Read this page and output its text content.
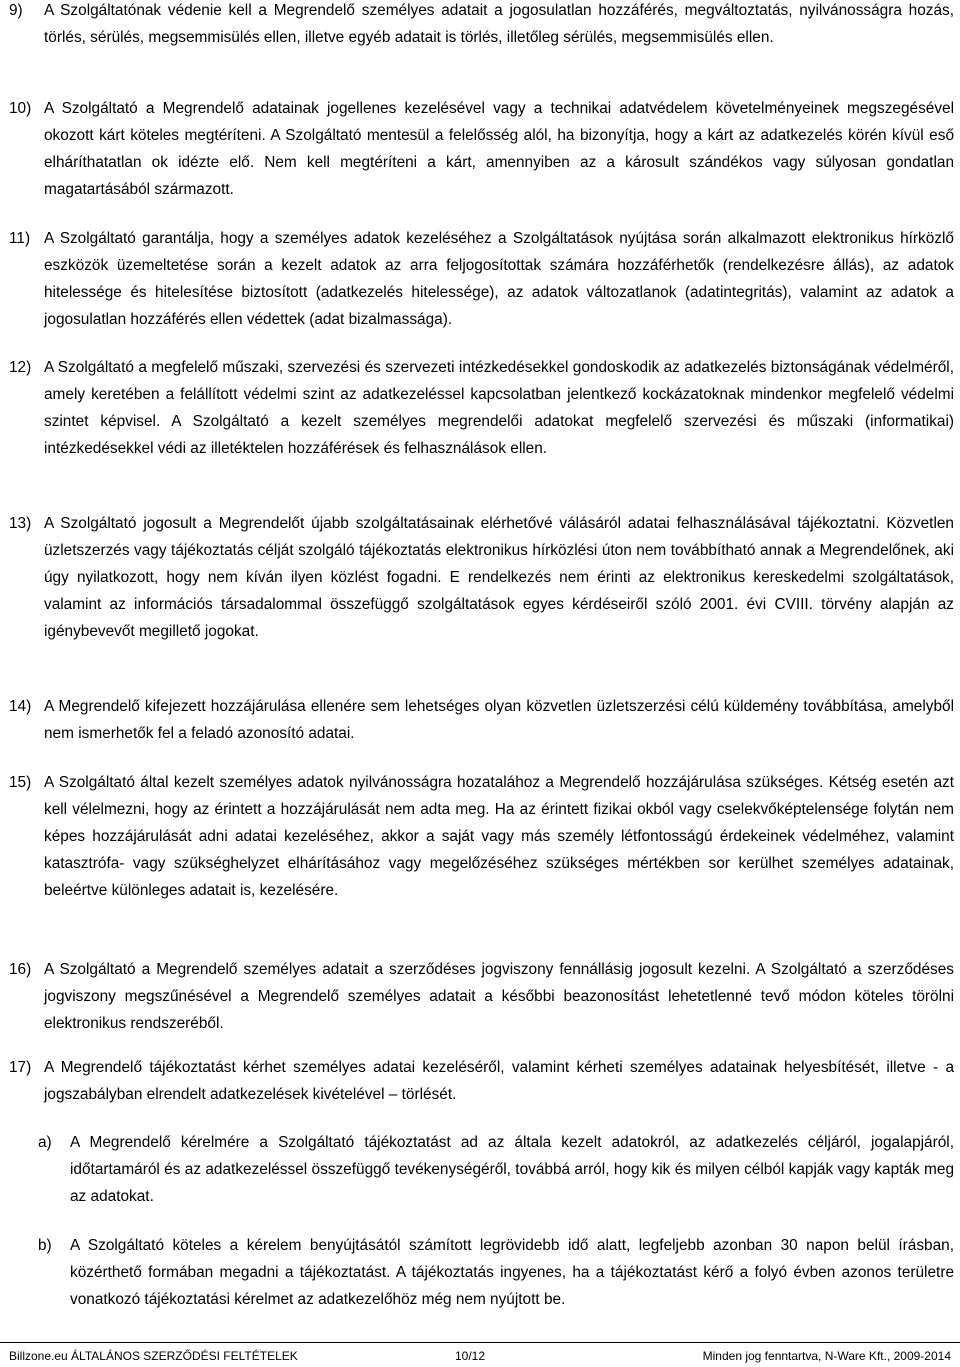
9)	A Szolgáltatónak védenie kell a Megrendelő személyes adatait a jogosulatlan hozzáférés, megváltoztatás, nyilvánosságra hozás, törlés, sérülés, megsemmisülés ellen, illetve egyéb adatait is törlés, illetőleg sérülés, megsemmisülés ellen.
10) A Szolgáltató a Megrendelő adatainak jogellenes kezelésével vagy a technikai adatvédelem követelményeinek megszegésével okozott kárt köteles megtéríteni. A Szolgáltató mentesül a felelősség alól, ha bizonyítja, hogy a kárt az adatkezelés körén kívül eső elháríthatatlan ok idézte elő. Nem kell megtéríteni a kárt, amennyiben az a károsult szándékos vagy súlyosan gondatlan magatartásából származott.
11) A Szolgáltató garantálja, hogy a személyes adatok kezeléséhez a Szolgáltatások nyújtása során alkalmazott elektronikus hírközlő eszközök üzemeltetése során a kezelt adatok az arra feljogosítottak számára hozzáférhetők (rendelkezésre állás), az adatok hitelessége és hitelesítése biztosított (adatkezelés hitelessége), az adatok változatlanok (adatintegritás), valamint az adatok a jogosulatlan hozzáférés ellen védettek (adat bizalmassága).
12) A Szolgáltató a megfelelő műszaki, szervezési és szervezeti intézkedésekkel gondoskodik az adatkezelés biztonságának védelméről, amely keretében a felállított védelmi szint az adatkezeléssel kapcsolatban jelentkező kockázatoknak mindenkor megfelelő védelmi szintet képvisel. A Szolgáltató a kezelt személyes megrendelői adatokat megfelelő szervezési és műszaki (informatikai) intézkedésekkel védi az illetéktelen hozzáférések és felhasználások ellen.
13) A Szolgáltató jogosult a Megrendelőt újabb szolgáltatásainak elérhetővé válásáról adatai felhasználásával tájékoztatni. Közvetlen üzletszerzés vagy tájékoztatás célját szolgáló tájékoztatás elektronikus hírközlési úton nem továbbítható annak a Megrendelőnek, aki úgy nyilatkozott, hogy nem kíván ilyen közlést fogadni. E rendelkezés nem érinti az elektronikus kereskedelmi szolgáltatások, valamint az információs társadalommal összefüggő szolgáltatások egyes kérdéseiről szóló 2001. évi CVIII. törvény alapján az igénybevevőt megillető jogokat.
14) A Megrendelő kifejezett hozzájárulása ellenére sem lehetséges olyan közvetlen üzletszerzési célú küldemény továbbítása, amelyből nem ismerhetők fel a feladó azonosító adatai.
15) A Szolgáltató által kezelt személyes adatok nyilvánosságra hozatalához a Megrendelő hozzájárulása szükséges. Kétség esetén azt kell vélelmezni, hogy az érintett a hozzájárulását nem adta meg. Ha az érintett fizikai okból vagy cselekvőképtelensége folytán nem képes hozzájárulását adni adatai kezeléséhez, akkor a saját vagy más személy létfontosságú érdekeinek védelméhez, valamint katasztrófa- vagy szükséghelyzet elhárításához vagy megelőzéséhez szükséges mértékben sor kerülhet személyes adatainak, beleértve különleges adatait is, kezelésére.
16) A Szolgáltató a Megrendelő személyes adatait a szerződéses jogviszony fennállásig jogosult kezelni. A Szolgáltató a szerződéses jogviszony megszűnésével a Megrendelő személyes adatait a későbbi beazonosítást lehetetlenné tevő módon köteles törölni elektronikus rendszeréből.
17) A Megrendelő tájékoztatást kérhet személyes adatai kezeléséről, valamint kérheti személyes adatainak helyesbítését, illetve - a jogszabályban elrendelt adatkezelések kivételével – törlését.
a)	A Megrendelő kérelmére a Szolgáltató tájékoztatást ad az általa kezelt adatokról, az adatkezelés céljáról, jogalapjáról, időtartamáról és az adatkezeléssel összefüggő tevékenységéről, továbbá arról, hogy kik és milyen célból kapják vagy kapták meg az adatokat.
b)	A Szolgáltató köteles a kérelem benyújtásától számított legrövidebb idő alatt, legfeljebb azonban 30 napon belül írásban, közérthető formában megadni a tájékoztatást. A tájékoztatás ingyenes, ha a tájékoztatást kérő a folyó évben azonos területre vonatkozó tájékoztatási kérelmet az adatkezelőhöz még nem nyújtott be.
Billzone.eu ÁLTALÁNOS SZERZŐDÉSI FELTÉTELEK	10/12	Minden jog fenntartva, N-Ware Kft., 2009-2014
